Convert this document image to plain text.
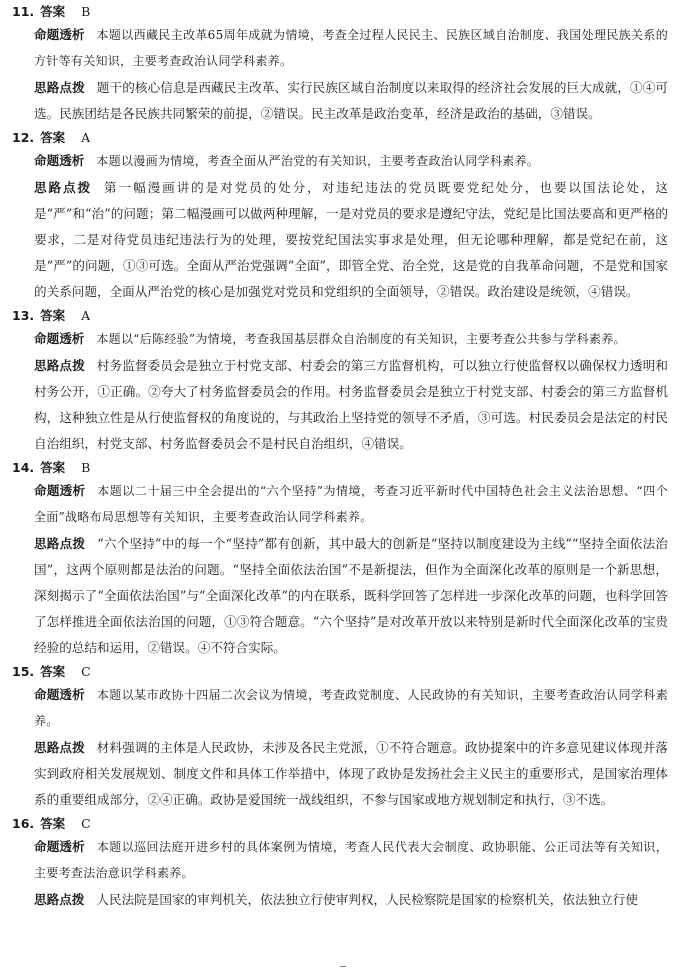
11. 答案 B

命题透析 本题以西藏民主改革65周年成就为情境，考查全过程人民民主、民族区域自治制度、我国处理民族关系的方针等有关知识，主要考查政治认同学科素养。

思路点拨 题干的核心信息是西藏民主改革、实行民族区域自治制度以来取得的经济社会发展的巨大成就，①④可选。民族团结是各民族共同繁荣的前提，②错误。民主改革是政治变革，经济是政治的基础，③错误。

12. 答案 A

命题透析 本题以漫画为情境，考查全面从严治党的有关知识，主要考查政治认同学科素养。

思路点拨 第一幅漫画讲的是对党员的处分，对违纪违法的党员既要党纪处分，也要以国法论处，这是“严”和“治”的问题；第二幅漫画可以做两种理解，一是对党员的要求是遵纪守法，党纪是比国法要高和更严格的要求，二是对待党员违纪违法行为的处理，要按党纪国法实事求是处理，但无论哪种理解，都是党纪在前，这是“严”的问题，①③可选。全面从严治党强调“全面”，即管全党、治全党，这是党的自我革命问题，不是党和国家的关系问题，全面从严治党的核心是加强党对党员和党组织的全面领导，②错误。政治建设是统领，④错误。

13. 答案 A

命题透析 本题以“后陈经验”为情境，考查我国基层群众自治制度的有关知识，主要考查公共参与学科素养。

思路点拨 村务监督委员会是独立于村党支部、村委会的第三方监督机构，可以独立行使监督权以确保权力透明和村务公开，①正确。②夸大了村务监督委员会的作用。村务监督委员会是独立于村党支部、村委会的第三方监督机构，这种独立性是从行使监督权的角度说的，与其政治上坚持党的领导不矛盾，③可选。村民委员会是法定的村民自治组织，村党支部、村务监督委员会不是村民自治组织，④错误。

14. 答案 B

命题透析 本题以二十届三中全会提出的“六个坚持”为情境，考查习近平新时代中国特色社会主义法治思想、“四个全面”战略布局思想等有关知识，主要考查政治认同学科素养。

思路点拨 “六个坚持”中的每一个“坚持”都有创新，其中最大的创新是“坚持以制度建设为主线”“坚持全面依法治国”，这两个原则都是法治的问题。“坚持全面依法治国”不是新提法，但作为全面深化改革的原则是一个新思想，深刻揭示了“全面依法治国”与“全面深化改革”的内在联系，既科学回答了怎样进一步深化改革的问题，也科学回答了怎样推进全面依法治国的问题，①③符合题意。“六个坚持”是对改革开放以来特别是新时代全面深化改革的宝贵经验的总结和运用，②错误。④不符合实际。

15. 答案 C

命题透析 本题以某市政协十四届二次会议为情境，考查政党制度、人民政协的有关知识，主要考查政治认同学科素养。

思路点拨 材料强调的主体是人民政协，未涉及各民主党派，①不符合题意。政协提案中的许多意见建议体现并落实到政府相关发展规划、制度文件和具体工作举措中，体现了政协是发扬社会主义民主的重要形式，是国家治理体系的重要组成部分，②④正确。政协是爱国统一战线组织，不参与国家或地方规划制定和执行，③不选。

16. 答案 C

命题透析 本题以巡回法庭开进乡村的具体案例为情境，考查人民代表大会制度、政协职能、公正司法等有关知识，主要考查法治意识学科素养。

思路点拨 人民法院是国家的审判机关，依法独立行使审判权，人民检察院是国家的检察机关，依法独立行使
